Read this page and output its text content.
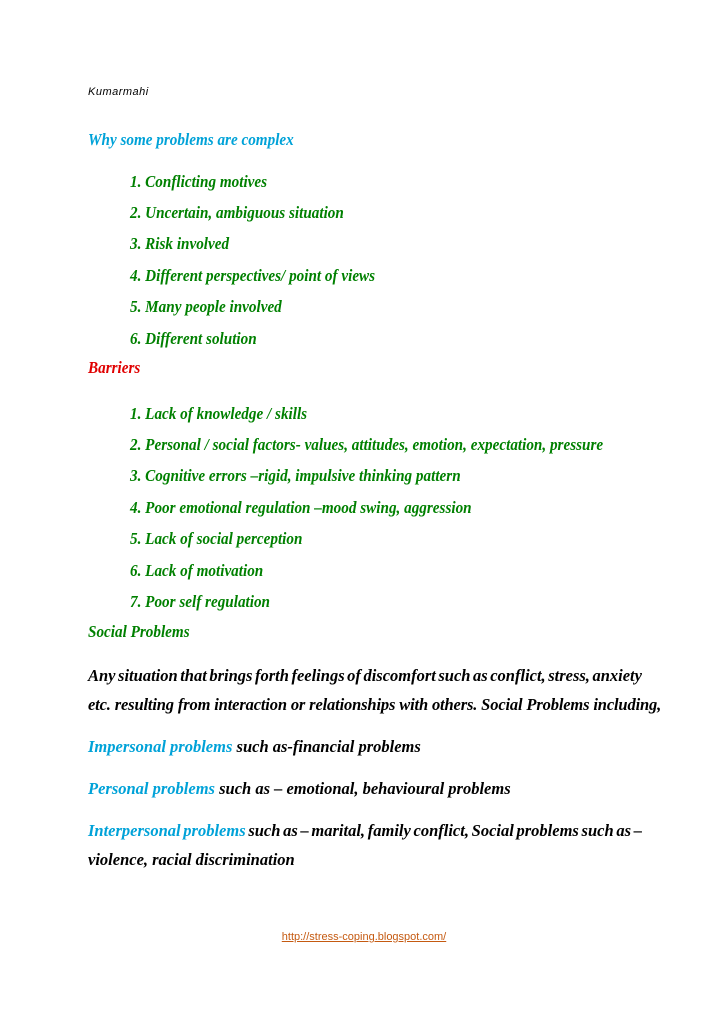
Kumarmahi
Why some problems are complex
1. Conflicting motives
2. Uncertain, ambiguous situation
3. Risk involved
4. Different perspectives/ point of views
5. Many people involved
6. Different solution
Barriers
1. Lack of knowledge / skills
2. Personal / social factors- values, attitudes, emotion, expectation, pressure
3. Cognitive errors –rigid, impulsive thinking pattern
4. Poor emotional regulation –mood swing, aggression
5. Lack of social perception
6. Lack of motivation
7. Poor self regulation
Social Problems
Any situation that brings forth feelings of discomfort such as conflict, stress, anxiety
etc. resulting from interaction or relationships with others. Social Problems including,
Impersonal problems such as-financial problems
Personal problems such as – emotional, behavioural problems
Interpersonal problems such as – marital, family conflict, Social problems such as –
violence, racial discrimination
http://stress-coping.blogspot.com/
